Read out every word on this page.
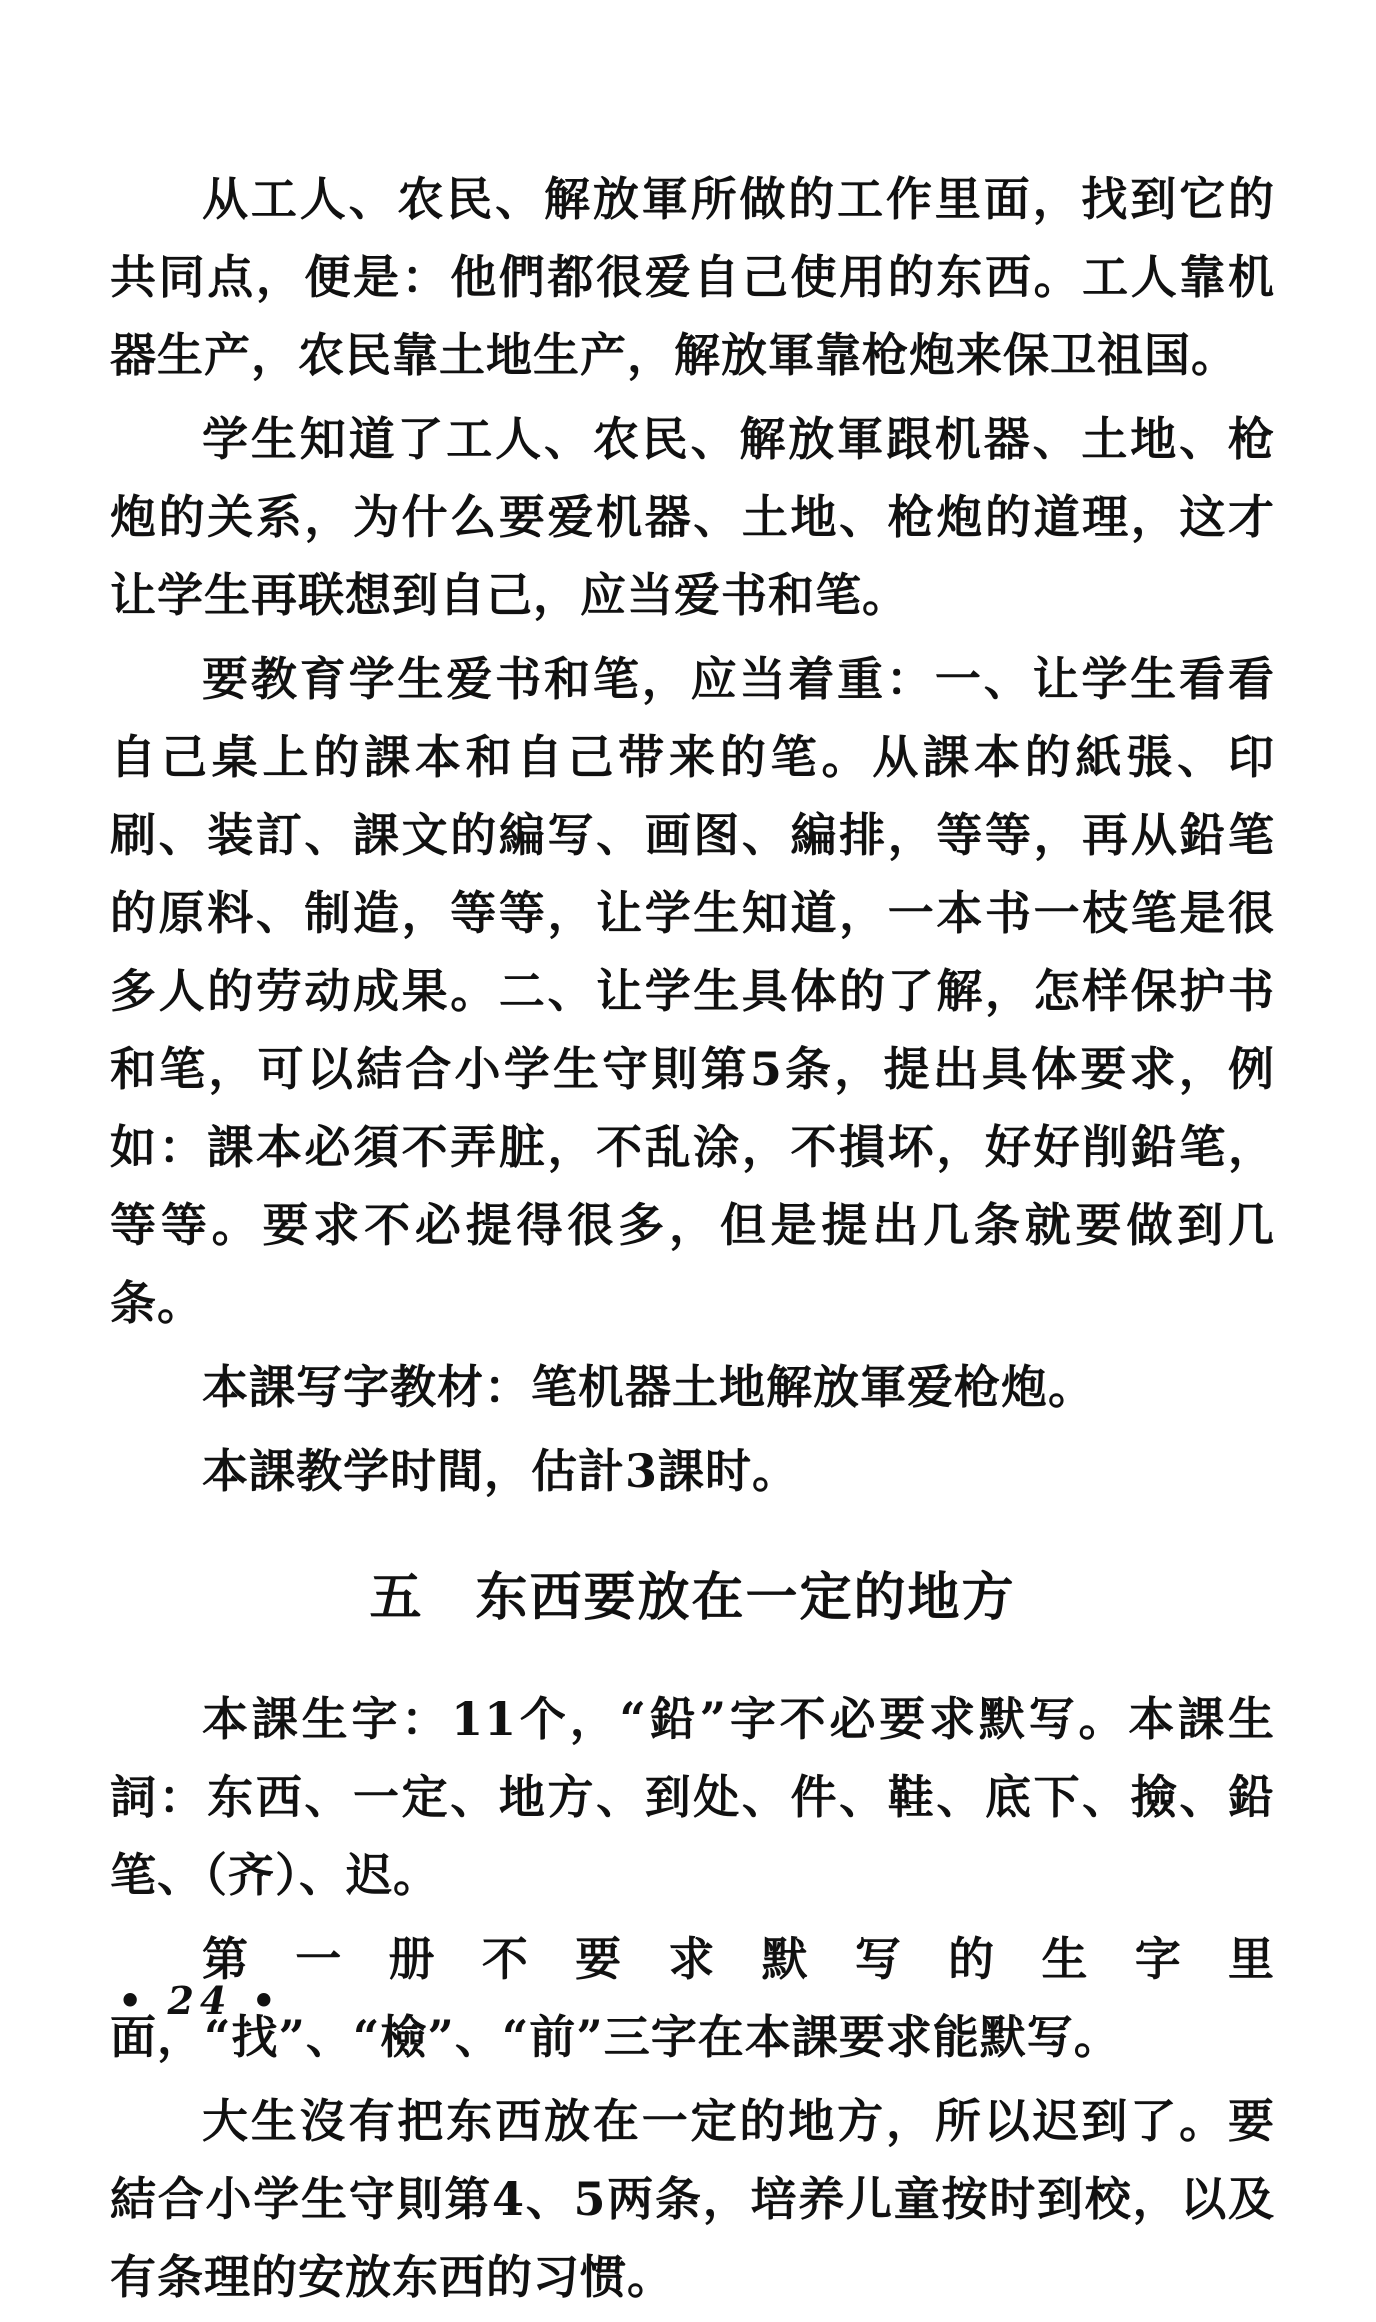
从工人、农民、解放軍所做的工作里面，找到它的共同点，便是：他們都很爱自己使用的东西。工人靠机器生产，农民靠土地生产，解放軍靠枪炮来保卫祖国。

学生知道了工人、农民、解放軍跟机器、土地、枪炮的关系，为什么要爱机器、土地、枪炮的道理，这才让学生再联想到自己，应当爱书和笔。

要教育学生爱书和笔，应当着重：一、让学生看看自己桌上的課本和自己带来的笔。从課本的紙張、印刷、装訂、課文的編写、画图、編排，等等，再从鉛笔的原料、制造，等等，让学生知道，一本书一枝笔是很多人的劳动成果。二、让学生具体的了解，怎样保护书和笔，可以結合小学生守則第5条，提出具体要求，例如：課本必須不弄脏，不乱涂，不損坏，好好削鉛笔，等等。要求不必提得很多，但是提出几条就要做到几条。

本課写字教材：笔机器土地解放軍爱枪炮。

本課教学时間，估計3課时。

五 东西要放在一定的地方

本課生字：11个，“鉛”字不必要求默写。本課生詞：东西、一定、地方、到处、件、鞋、底下、撿、鉛笔、（齐）、迟。

第一册不要求默写的生字里面，“找”、“檢”、“前”三字在本課要求能默写。

大生沒有把东西放在一定的地方，所以迟到了。要結合小学生守則第4、5两条，培养儿童按时到校，以及有条理的安放东西的习惯。

• 24 •
